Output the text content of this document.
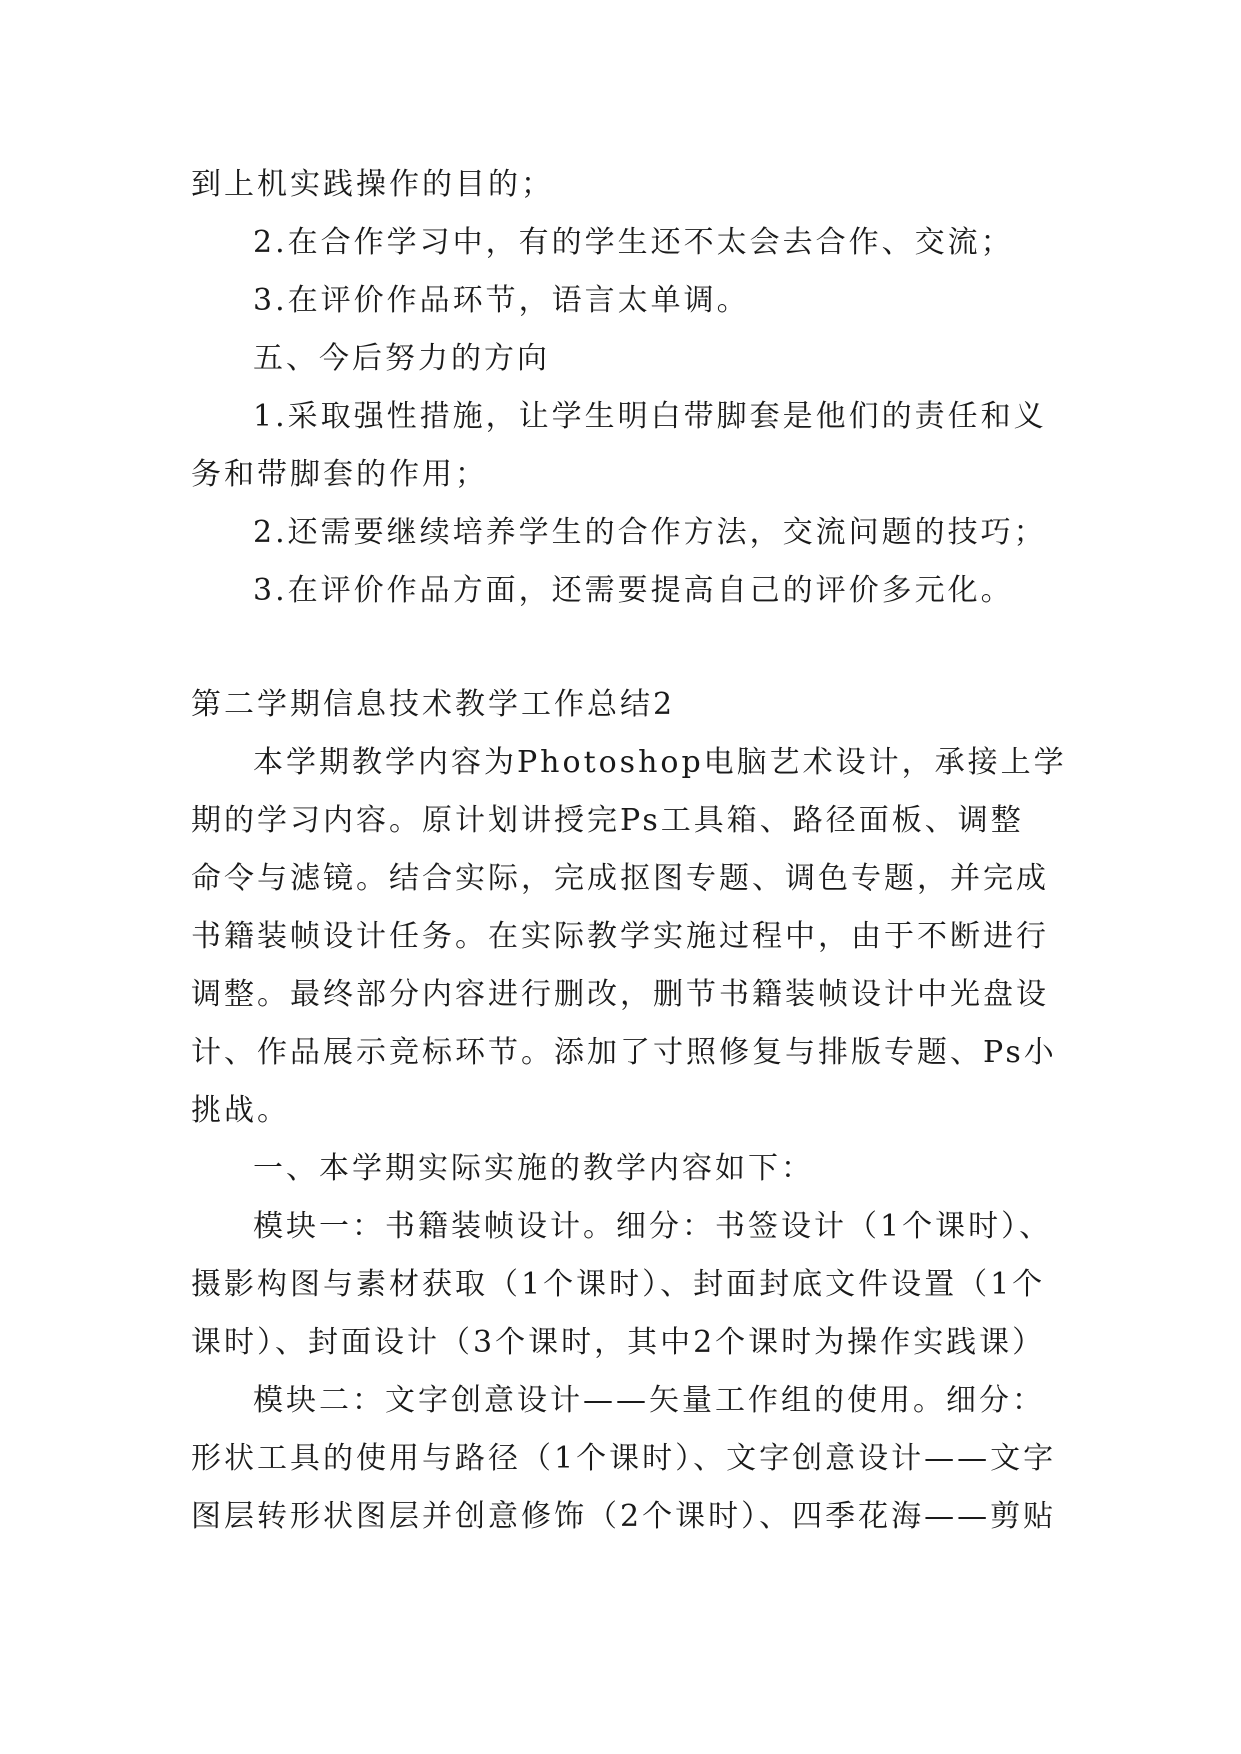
到上机实践操作的目的；
2.在合作学习中，有的学生还不太会去合作、交流；
3.在评价作品环节，语言太单调。
五、今后努力的方向
1.采取强性措施，让学生明白带脚套是他们的责任和义
务和带脚套的作用；
2.还需要继续培养学生的合作方法，交流问题的技巧；
3.在评价作品方面，还需要提高自己的评价多元化。
第二学期信息技术教学工作总结2
本学期教学内容为Photoshop电脑艺术设计，承接上学
期的学习内容。原计划讲授完Ps工具箱、路径面板、调整
命令与滤镜。结合实际，完成抠图专题、调色专题，并完成
书籍装帧设计任务。在实际教学实施过程中，由于不断进行
调整。最终部分内容进行删改，删节书籍装帧设计中光盘设
计、作品展示竞标环节。添加了寸照修复与排版专题、Ps小
挑战。
一、本学期实际实施的教学内容如下：
模块一：书籍装帧设计。细分：书签设计（1个课时）、
摄影构图与素材获取（1个课时）、封面封底文件设置（1个
课时）、封面设计（3个课时，其中2个课时为操作实践课）
模块二：文字创意设计——矢量工作组的使用。细分：
形状工具的使用与路径（1个课时）、文字创意设计——文字
图层转形状图层并创意修饰（2个课时）、四季花海——剪贴
